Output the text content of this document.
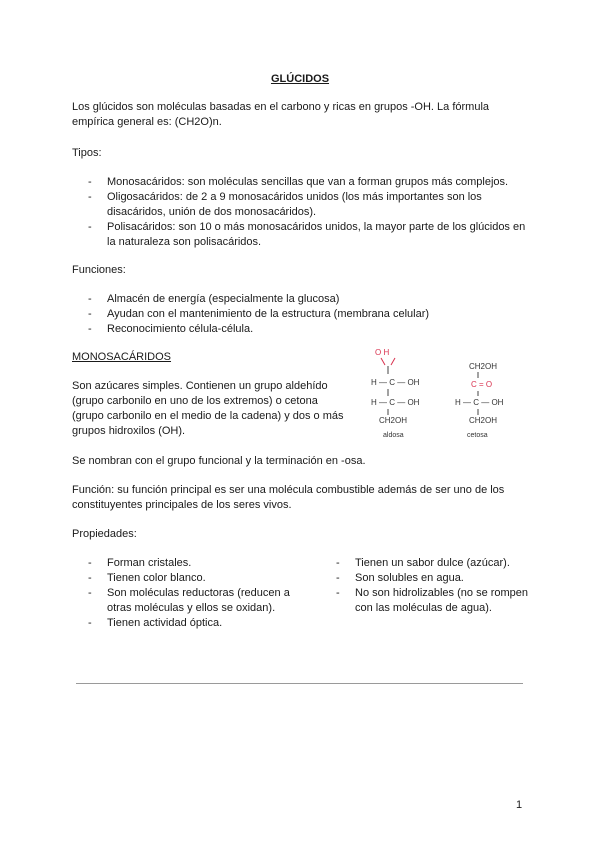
GLÚCIDOS
Los glúcidos son moléculas basadas en el carbono y ricas en grupos -OH. La fórmula empírica general es: (CH2O)n.
Tipos:
- Monosacáridos: son moléculas sencillas que van a forman grupos más complejos.
- Oligosacáridos: de 2 a 9 monosacáridos unidos (los más importantes son los disacáridos, unión de dos monosacáridos).
- Polisacáridos: son 10 o más monosacáridos unidos, la mayor parte de los glúcidos en la naturaleza son polisacáridos.
Funciones:
- Almacén de energía (especialmente la glucosa)
- Ayudan con el mantenimiento de la estructura (membrana celular)
- Reconocimiento célula-célula.
MONOSACÁRIDOS
Son azúcares simples. Contienen un grupo aldehído (grupo carbonilo en uno de los extremos) o cetona (grupo carbonilo en el medio de la cadena) y dos o más grupos hidroxilos (OH).
O H
H — C — OH
H — C — OH
CH2OH
aldosa
CH2OH
C = O
H — C — OH
CH2OH
cetosa
Se nombran con el grupo funcional y la terminación en -osa.
Función: su función principal es ser una molécula combustible además de ser uno de los constituyentes principales de los seres vivos.
Propiedades:
- Forman cristales.
- Tienen color blanco.
- Son moléculas reductoras (reducen a otras moléculas y ellos se oxidan).
- Tienen actividad óptica.
- Tienen un sabor dulce (azúcar).
- Son solubles en agua.
- No son hidrolizables (no se rompen con las moléculas de agua).
1
